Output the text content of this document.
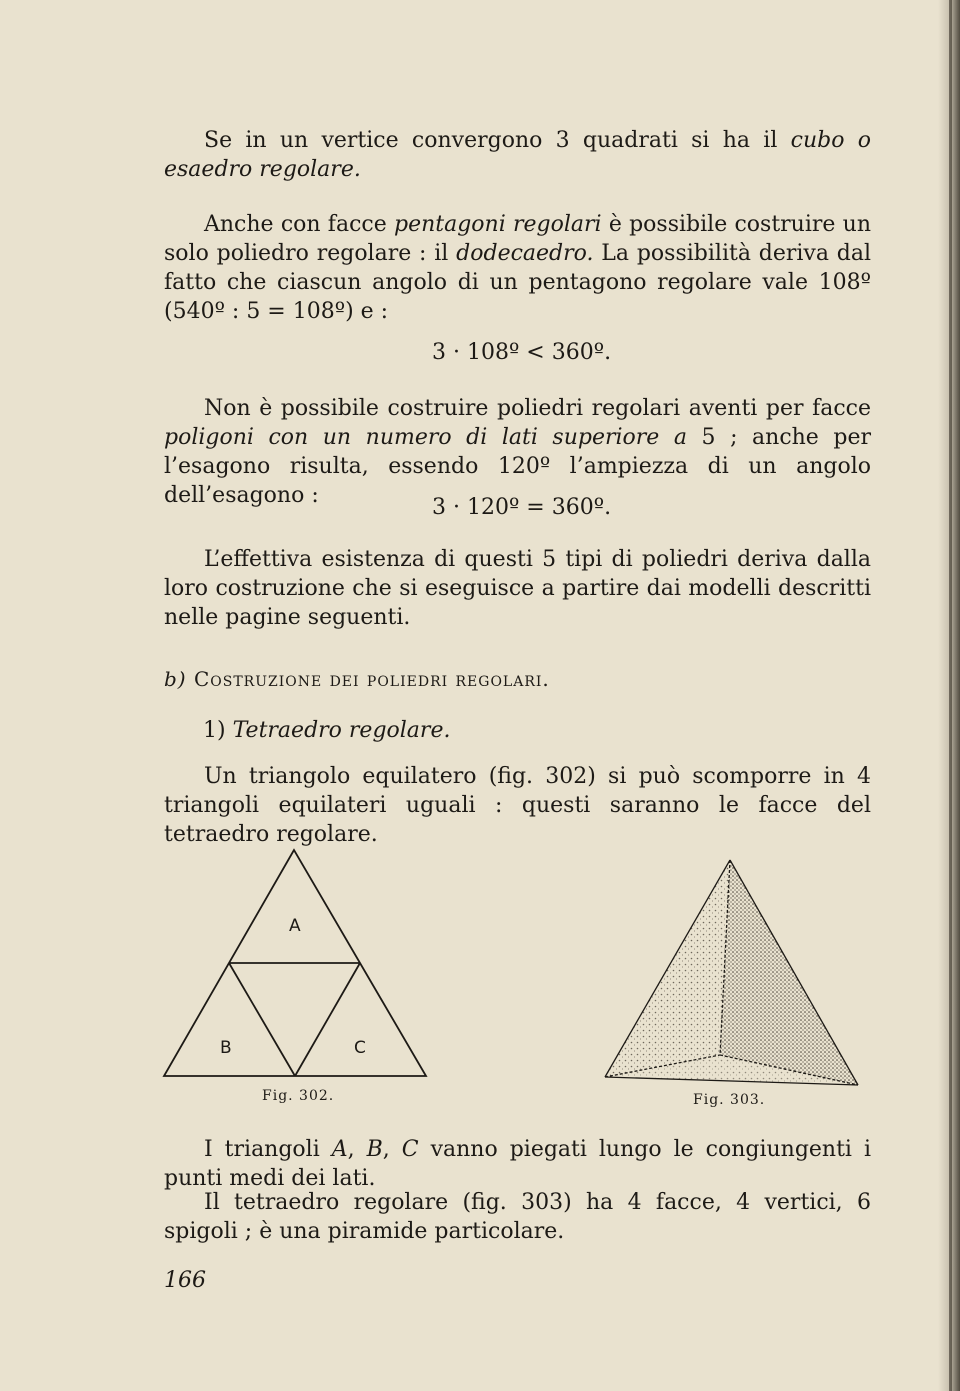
Se in un vertice convergono 3 quadrati si ha il cubo o esaedro regolare.
Anche con facce pentagoni regolari è possibile costruire un solo poliedro regolare : il dodecaedro. La possibilità deriva dal fatto che ciascun angolo di un pentagono regolare vale 108º (540º : 5 = 108º) e :
3 · 108º < 360º.
Non è possibile costruire poliedri regolari aventi per facce poligoni con un numero di lati superiore a 5 ; anche per l’esagono risulta, essendo 120º l’ampiezza di un angolo dell’esagono :	3 · 120º = 360º.
L’effettiva esistenza di questi 5 tipi di poliedri deriva dalla loro costruzione che si eseguisce a partire dai modelli descritti nelle pagine seguenti.
b) Costruzione dei poliedri regolari.
1) Tetraedro regolare.
Un triangolo equilatero (fig. 302) si può scomporre in 4 triangoli equilateri uguali : questi saranno le facce del tetraedro regolare.
A
B	C
Fig. 302.	Fig. 303.
I triangoli A, B, C vanno piegati lungo le congiungenti i punti medi dei lati.
Il tetraedro regolare (fig. 303) ha 4 facce, 4 vertici, 6 spigoli ; è una piramide particolare.
166
